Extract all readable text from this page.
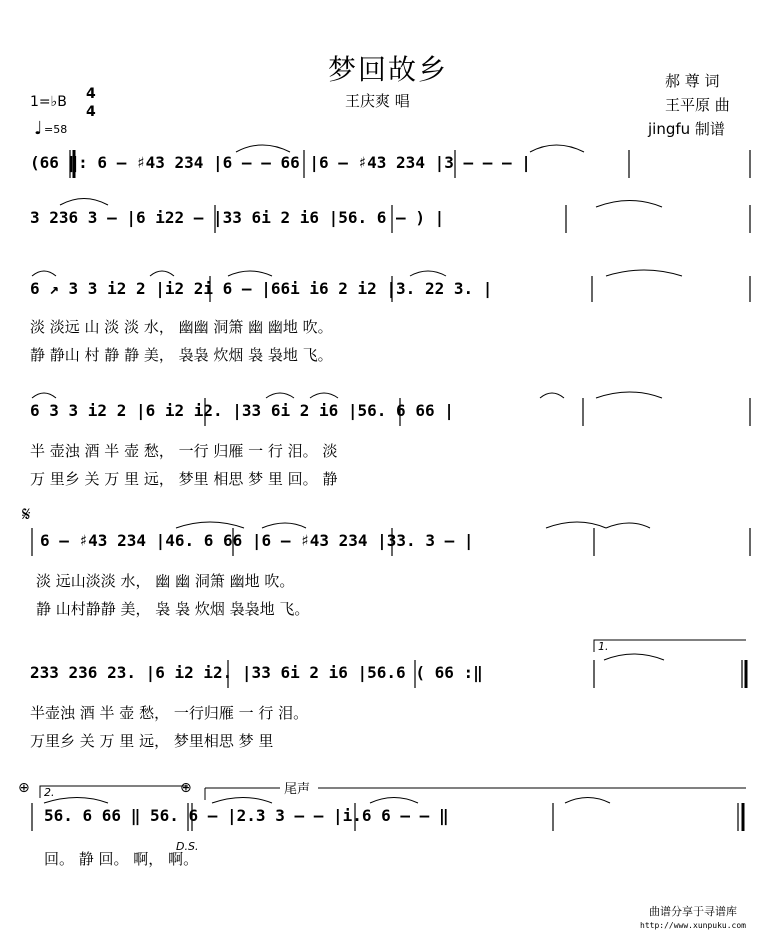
梦回故乡
王庆爽 唱
郝 尊 词
王平原 曲
jingfu 制谱
1=♭B 4
4
♩ =58
𝄋
⊕	⊕
D.S.
1.
2.	尾声
(66 ‖: 6 – ♯43 234 |6 – – 66 |6 – ♯43 234 |3 – – – |
3 236 3 – |6 i22 – |33 6i 2 i6 |56. 6 – ) |
6 ↗ 3 3 i2 2 |i2 2i 6 – |66i i6 2 i2 |3. 22 3. |
淡 淡远 山 淡 淡 水， 幽幽 洞箫 幽 幽地 吹。
静 静山 村 静 静 美， 袅袅 炊烟 袅 袅地 飞。
6 3 3 i2 2 |6 i2 i2. |33 6i 2 i6 |56. 6 66 |
半 壶浊 酒 半 壶 愁， 一行 归雁 一 行 泪。 淡
万 里乡 关 万 里 远， 梦里 相思 梦 里 回。 静
6 – ♯43 234 |46. 6 66 |6 – ♯43 234 |33. 3 – |
淡 远山淡淡 水， 幽 幽 洞箫 幽地 吹。
静 山村静静 美， 袅 袅 炊烟 袅袅地 飞。
233 236 23. |6 i2 i2. |33 6i 2 i6 |56.6 ( 66 :‖
半壶浊 酒 半 壶 愁， 一行归雁 一 行 泪。
万里乡 关 万 里 远， 梦里相思 梦 里
56. 6 66 ‖ 56. 6 – |2.3 3 – – |i.6 6 – – ‖
回。 静 回。 啊， 啊。
曲谱分享于寻谱库
http://www.xunpuku.com
